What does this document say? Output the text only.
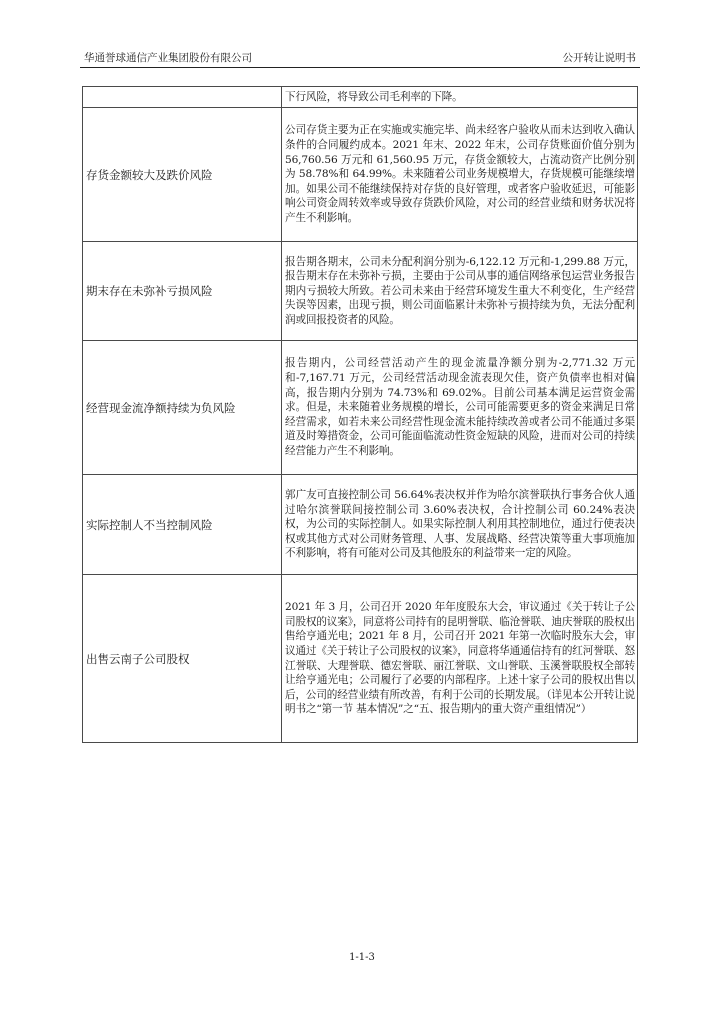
华通誉球通信产业集团股份有限公司	公开转让说明书
	下行风险，将导致公司毛利率的下降。
存货金额较大及跌价风险	公司存货主要为正在实施或实施完毕、尚未经客户验收从而未达到收入确认条件的合同履约成本。2021 年末、2022 年末，公司存货账面价值分别为 56,760.56 万元和 61,560.95 万元，存货金额较大，占流动资产比例分别为 58.78%和 64.99%。未来随着公司业务规模增大，存货规模可能继续增加。如果公司不能继续保持对存货的良好管理，或者客户验收延迟，可能影响公司资金周转效率或导致存货跌价风险，对公司的经营业绩和财务状况将产生不利影响。
期末存在未弥补亏损风险	报告期各期末，公司未分配利润分别为-6,122.12 万元和-1,299.88 万元，报告期末存在未弥补亏损，主要由于公司从事的通信网络承包运营业务报告期内亏损较大所致。若公司未来由于经营环境发生重大不利变化，生产经营失误等因素，出现亏损，则公司面临累计未弥补亏损持续为负，无法分配利润或回报投资者的风险。
经营现金流净额持续为负风险	报告期内，公司经营活动产生的现金流量净额分别为-2,771.32 万元和-7,167.71 万元，公司经营活动现金流表现欠佳，资产负债率也相对偏高，报告期内分别为 74.73%和 69.02%。目前公司基本满足运营资金需求。但是，未来随着业务规模的增长，公司可能需要更多的资金来满足日常经营需求，如若未来公司经营性现金流未能持续改善或者公司不能通过多渠道及时筹措资金，公司可能面临流动性资金短缺的风险，进而对公司的持续经营能力产生不利影响。
实际控制人不当控制风险	郭广友可直接控制公司 56.64%表决权并作为哈尔滨誉联执行事务合伙人通过哈尔滨誉联间接控制公司 3.60%表决权，合计控制公司 60.24%表决权，为公司的实际控制人。如果实际控制人利用其控制地位，通过行使表决权或其他方式对公司财务管理、人事、发展战略、经营决策等重大事项施加不利影响，将有可能对公司及其他股东的利益带来一定的风险。
出售云南子公司股权	2021 年 3 月，公司召开 2020 年年度股东大会，审议通过《关于转让子公司股权的议案》，同意将公司持有的昆明誉联、临沧誉联、迪庆誉联的股权出售给亨通光电；2021 年 8 月，公司召开 2021 年第一次临时股东大会，审议通过《关于转让子公司股权的议案》，同意将华通通信持有的红河誉联、怒江誉联、大理誉联、德宏誉联、丽江誉联、文山誉联、玉溪誉联股权全部转让给亨通光电；公司履行了必要的内部程序。上述十家子公司的股权出售以后，公司的经营业绩有所改善，有利于公司的长期发展。（详见本公开转让说明书之“第一节 基本情况”之“五、报告期内的重大资产重组情况”）
1-1-3
